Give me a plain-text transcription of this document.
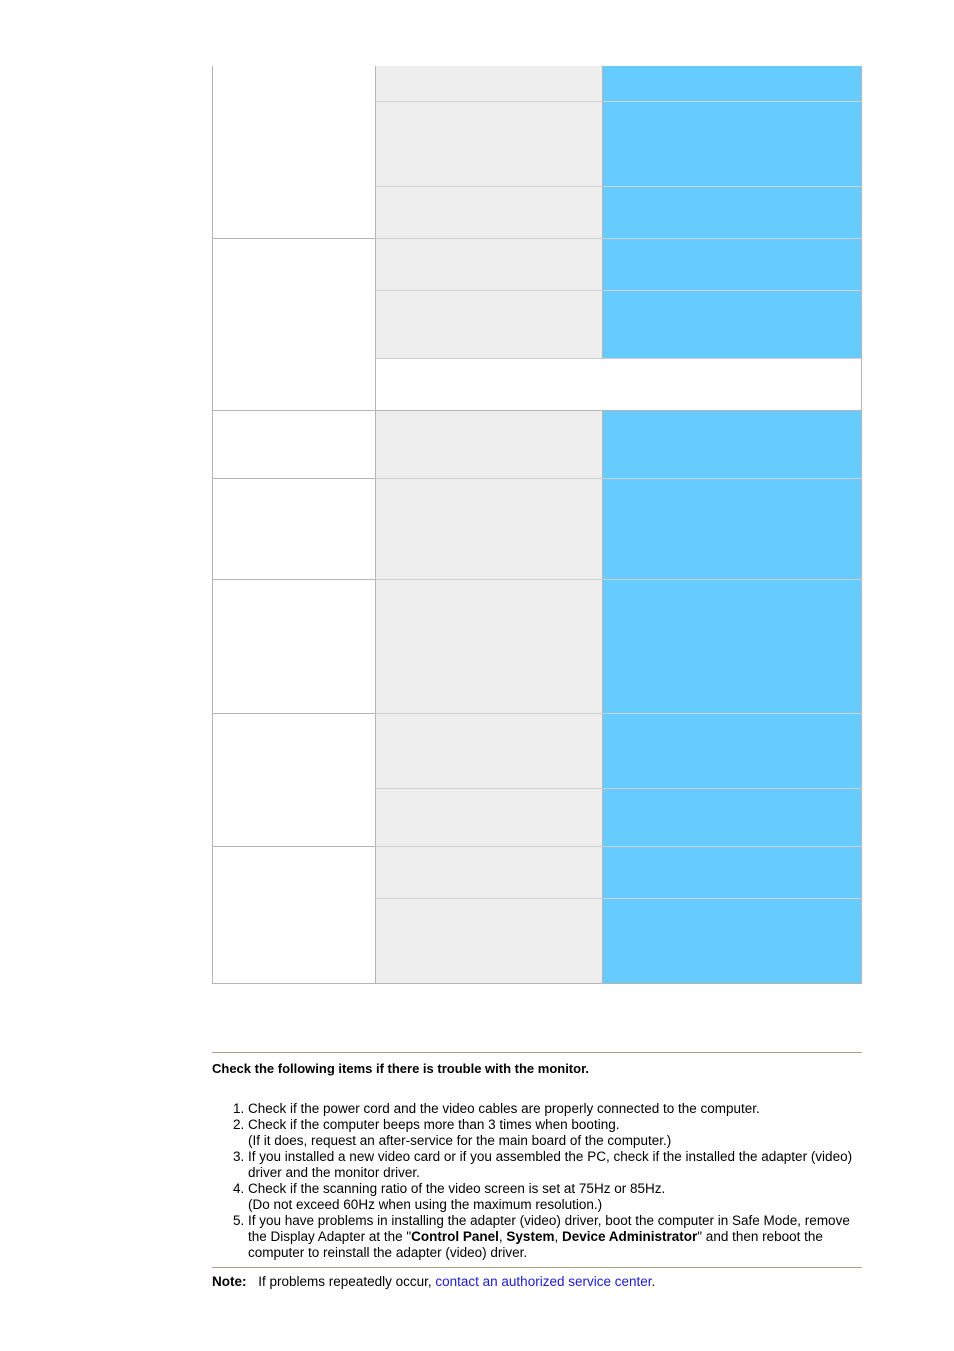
Check the following items if there is trouble with the monitor.

1. Check if the power cord and the video cables are properly connected to the computer.
2. Check if the computer beeps more than 3 times when booting.
(If it does, request an after-service for the main board of the computer.)
3. If you installed a new video card or if you assembled the PC, check if the installed the adapter (video) driver and the monitor driver.
4. Check if the scanning ratio of the video screen is set at 75Hz or 85Hz.
(Do not exceed 60Hz when using the maximum resolution.)
5. If you have problems in installing the adapter (video) driver, boot the computer in Safe Mode, remove the Display Adapter at the "Control Panel, System, Device Administrator" and then reboot the computer to reinstall the adapter (video) driver.
Note: If problems repeatedly occur, contact an authorized service center.
